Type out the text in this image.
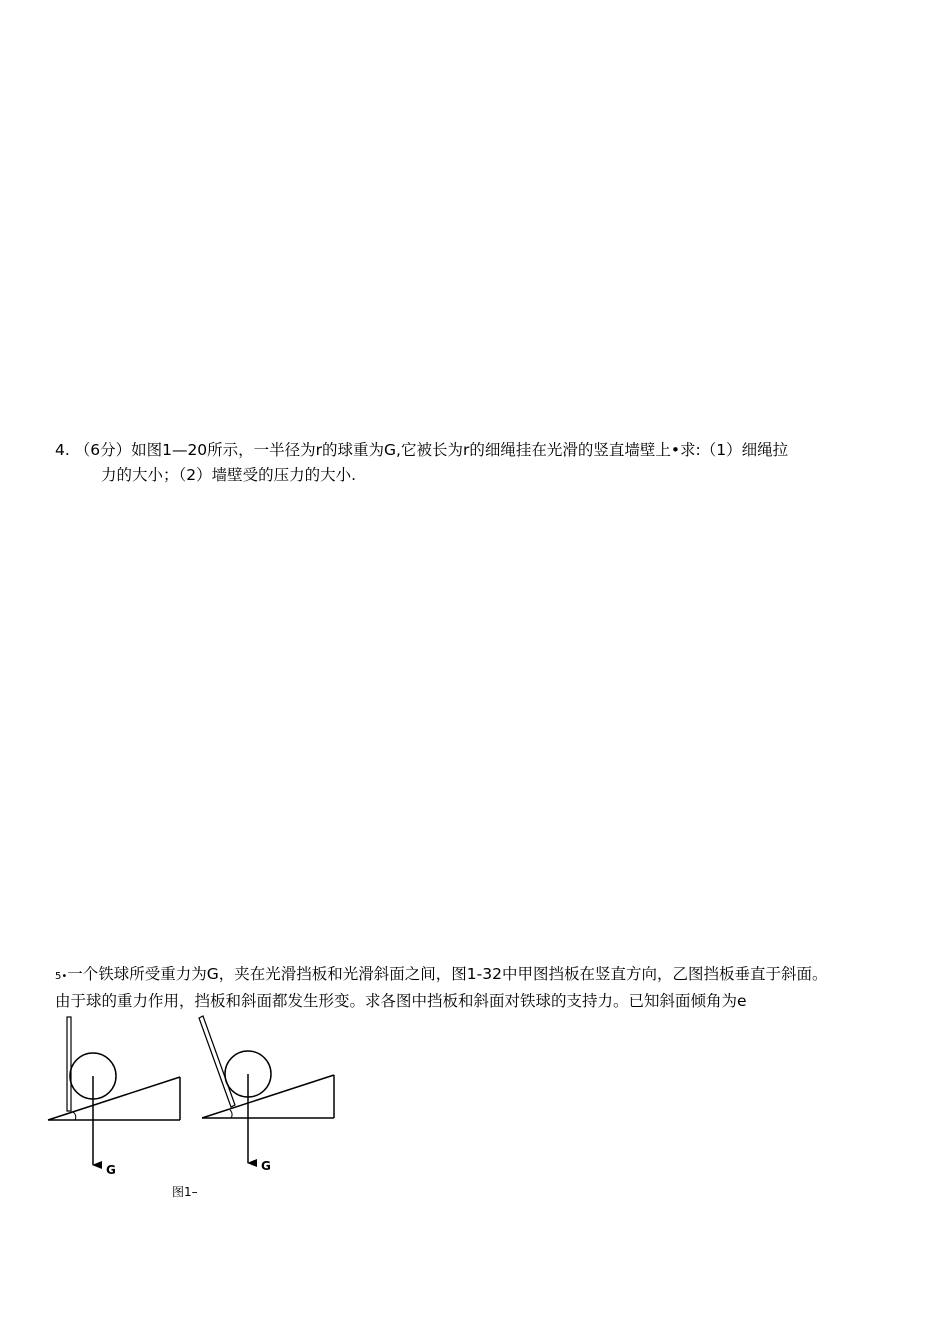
4. （6分）如图1—20所示，一半径为r的球重为G,它被长为r的细绳挂在光滑的竖直墙壁上•求:（1）细绳拉
力的大小；（2）墙壁受的压力的大小.
5•一个铁球所受重力为G，夹在光滑挡板和光滑斜面之间，图1-32中甲图挡板在竖直方向，乙图挡板垂直于斜面。
由于球的重力作用，挡板和斜面都发生形变。求各图中挡板和斜面对铁球的支持力。已知斜面倾角为e
G	G
图1–
